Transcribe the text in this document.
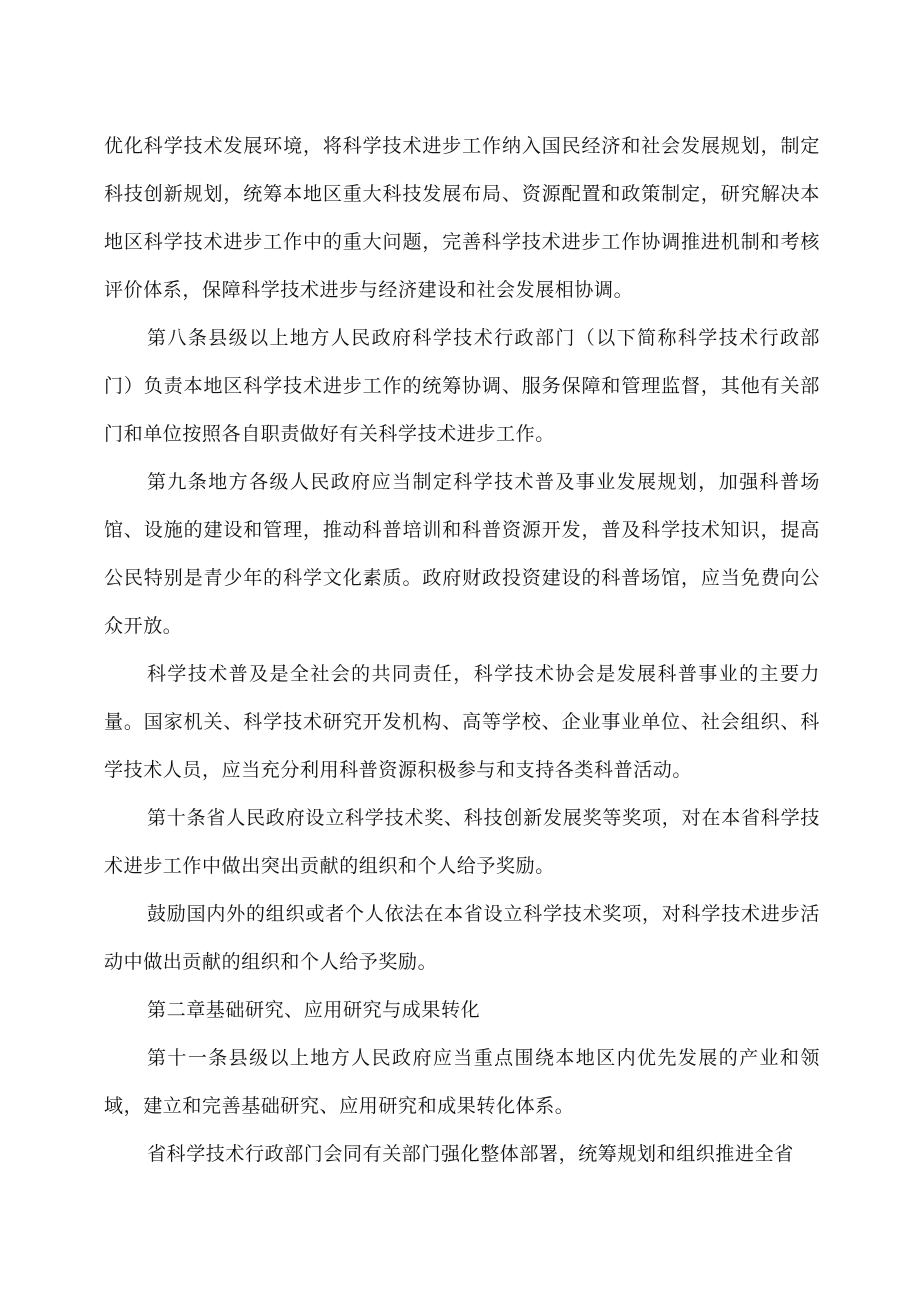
优化科学技术发展环境，将科学技术进步工作纳入国民经济和社会发展规划，制定科技创新规划，统筹本地区重大科技发展布局、资源配置和政策制定，研究解决本地区科学技术进步工作中的重大问题，完善科学技术进步工作协调推进机制和考核评价体系，保障科学技术进步与经济建设和社会发展相协调。

第八条县级以上地方人民政府科学技术行政部门（以下简称科学技术行政部门）负责本地区科学技术进步工作的统筹协调、服务保障和管理监督，其他有关部门和单位按照各自职责做好有关科学技术进步工作。

第九条地方各级人民政府应当制定科学技术普及事业发展规划，加强科普场馆、设施的建设和管理，推动科普培训和科普资源开发，普及科学技术知识，提高公民特别是青少年的科学文化素质。政府财政投资建设的科普场馆，应当免费向公众开放。

科学技术普及是全社会的共同责任，科学技术协会是发展科普事业的主要力量。国家机关、科学技术研究开发机构、高等学校、企业事业单位、社会组织、科学技术人员，应当充分利用科普资源积极参与和支持各类科普活动。

第十条省人民政府设立科学技术奖、科技创新发展奖等奖项，对在本省科学技术进步工作中做出突出贡献的组织和个人给予奖励。

鼓励国内外的组织或者个人依法在本省设立科学技术奖项，对科学技术进步活动中做出贡献的组织和个人给予奖励。

第二章基础研究、应用研究与成果转化

第十一条县级以上地方人民政府应当重点围绕本地区内优先发展的产业和领域，建立和完善基础研究、应用研究和成果转化体系。

省科学技术行政部门会同有关部门强化整体部署，统筹规划和组织推进全省
